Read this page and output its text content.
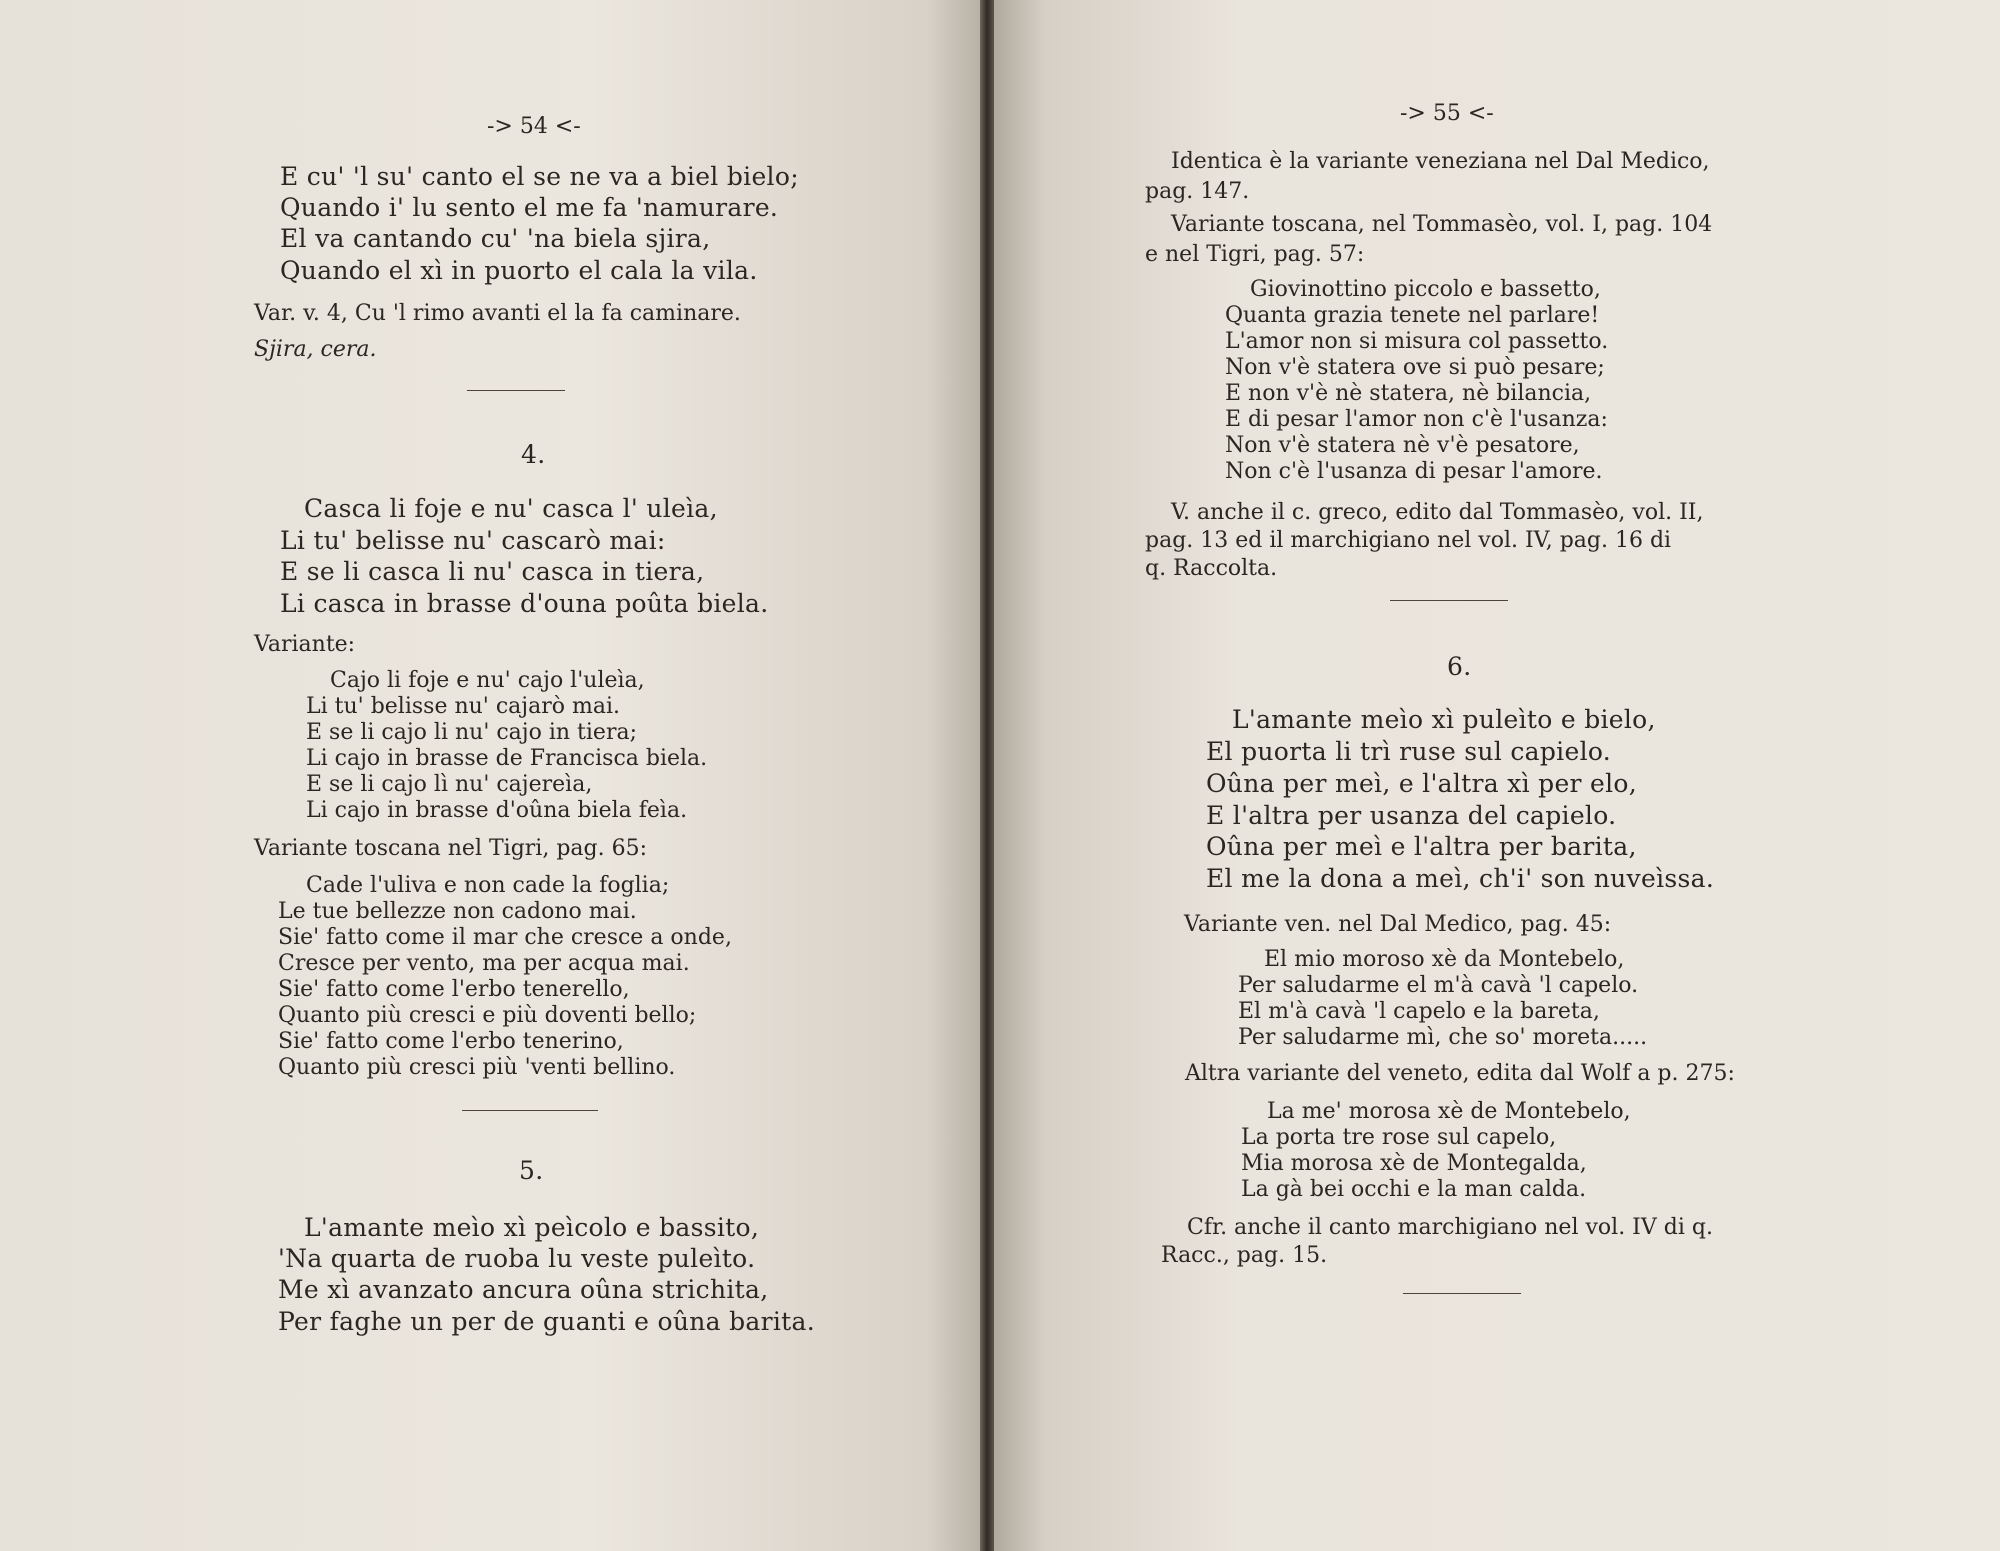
-> 54 <-
E cu' 'l su' canto el se ne va a biel bielo;
Quando i' lu sento el me fa 'namurare.
El va cantando cu' 'na biela sjira,
Quando el xì in puorto el cala la vila.
Var. v. 4, Cu 'l rimo avanti el la fa caminare.
Sjira, cera.
4.
Casca li foje e nu' casca l' uleìa,
Li tu' belisse nu' cascarò mai:
E se li casca li nu' casca in tiera,
Li casca in brasse d'ouna poûta biela.
Variante:
Cajo li foje e nu' cajo l'uleìa,
Li tu' belisse nu' cajarò mai.
E se li cajo li nu' cajo in tiera;
Li cajo in brasse de Francisca biela.
E se li cajo lì nu' cajereìa,
Li cajo in brasse d'oûna biela feìa.
Variante toscana nel Tigri, pag. 65:
Cade l'uliva e non cade la foglia;
Le tue bellezze non cadono mai.
Sie' fatto come il mar che cresce a onde,
Cresce per vento, ma per acqua mai.
Sie' fatto come l'erbo tenerello,
Quanto più cresci e più doventi bello;
Sie' fatto come l'erbo tenerino,
Quanto più cresci più 'venti bellino.
5.
L'amante meìo xì peìcolo e bassito,
'Na quarta de ruoba lu veste puleìto.
Me xì avanzato ancura oûna strichita,
Per faghe un per de guanti e oûna barita.
-> 55 <-
Identica è la variante veneziana nel Dal Medico,
pag. 147.
Variante toscana, nel Tommasèo, vol. I, pag. 104
e nel Tigri, pag. 57:
Giovinottino piccolo e bassetto,
Quanta grazia tenete nel parlare!
L'amor non si misura col passetto.
Non v'è statera ove si può pesare;
E non v'è nè statera, nè bilancia,
E di pesar l'amor non c'è l'usanza:
Non v'è statera nè v'è pesatore,
Non c'è l'usanza di pesar l'amore.
V. anche il c. greco, edito dal Tommasèo, vol. II,
pag. 13 ed il marchigiano nel vol. IV, pag. 16 di
q. Raccolta.
6.
L'amante meìo xì puleìto e bielo,
El puorta li trì ruse sul capielo.
Oûna per meì, e l'altra xì per elo,
E l'altra per usanza del capielo.
Oûna per meì e l'altra per barita,
El me la dona a meì, ch'i' son nuveìssa.
Variante ven. nel Dal Medico, pag. 45:
El mio moroso xè da Montebelo,
Per saludarme el m'à cavà 'l capelo.
El m'à cavà 'l capelo e la bareta,
Per saludarme mì, che so' moreta.....
Altra variante del veneto, edita dal Wolf a p. 275:
La me' morosa xè de Montebelo,
La porta tre rose sul capelo,
Mia morosa xè de Montegalda,
La gà bei occhi e la man calda.
Cfr. anche il canto marchigiano nel vol. IV di q.
Racc., pag. 15.
